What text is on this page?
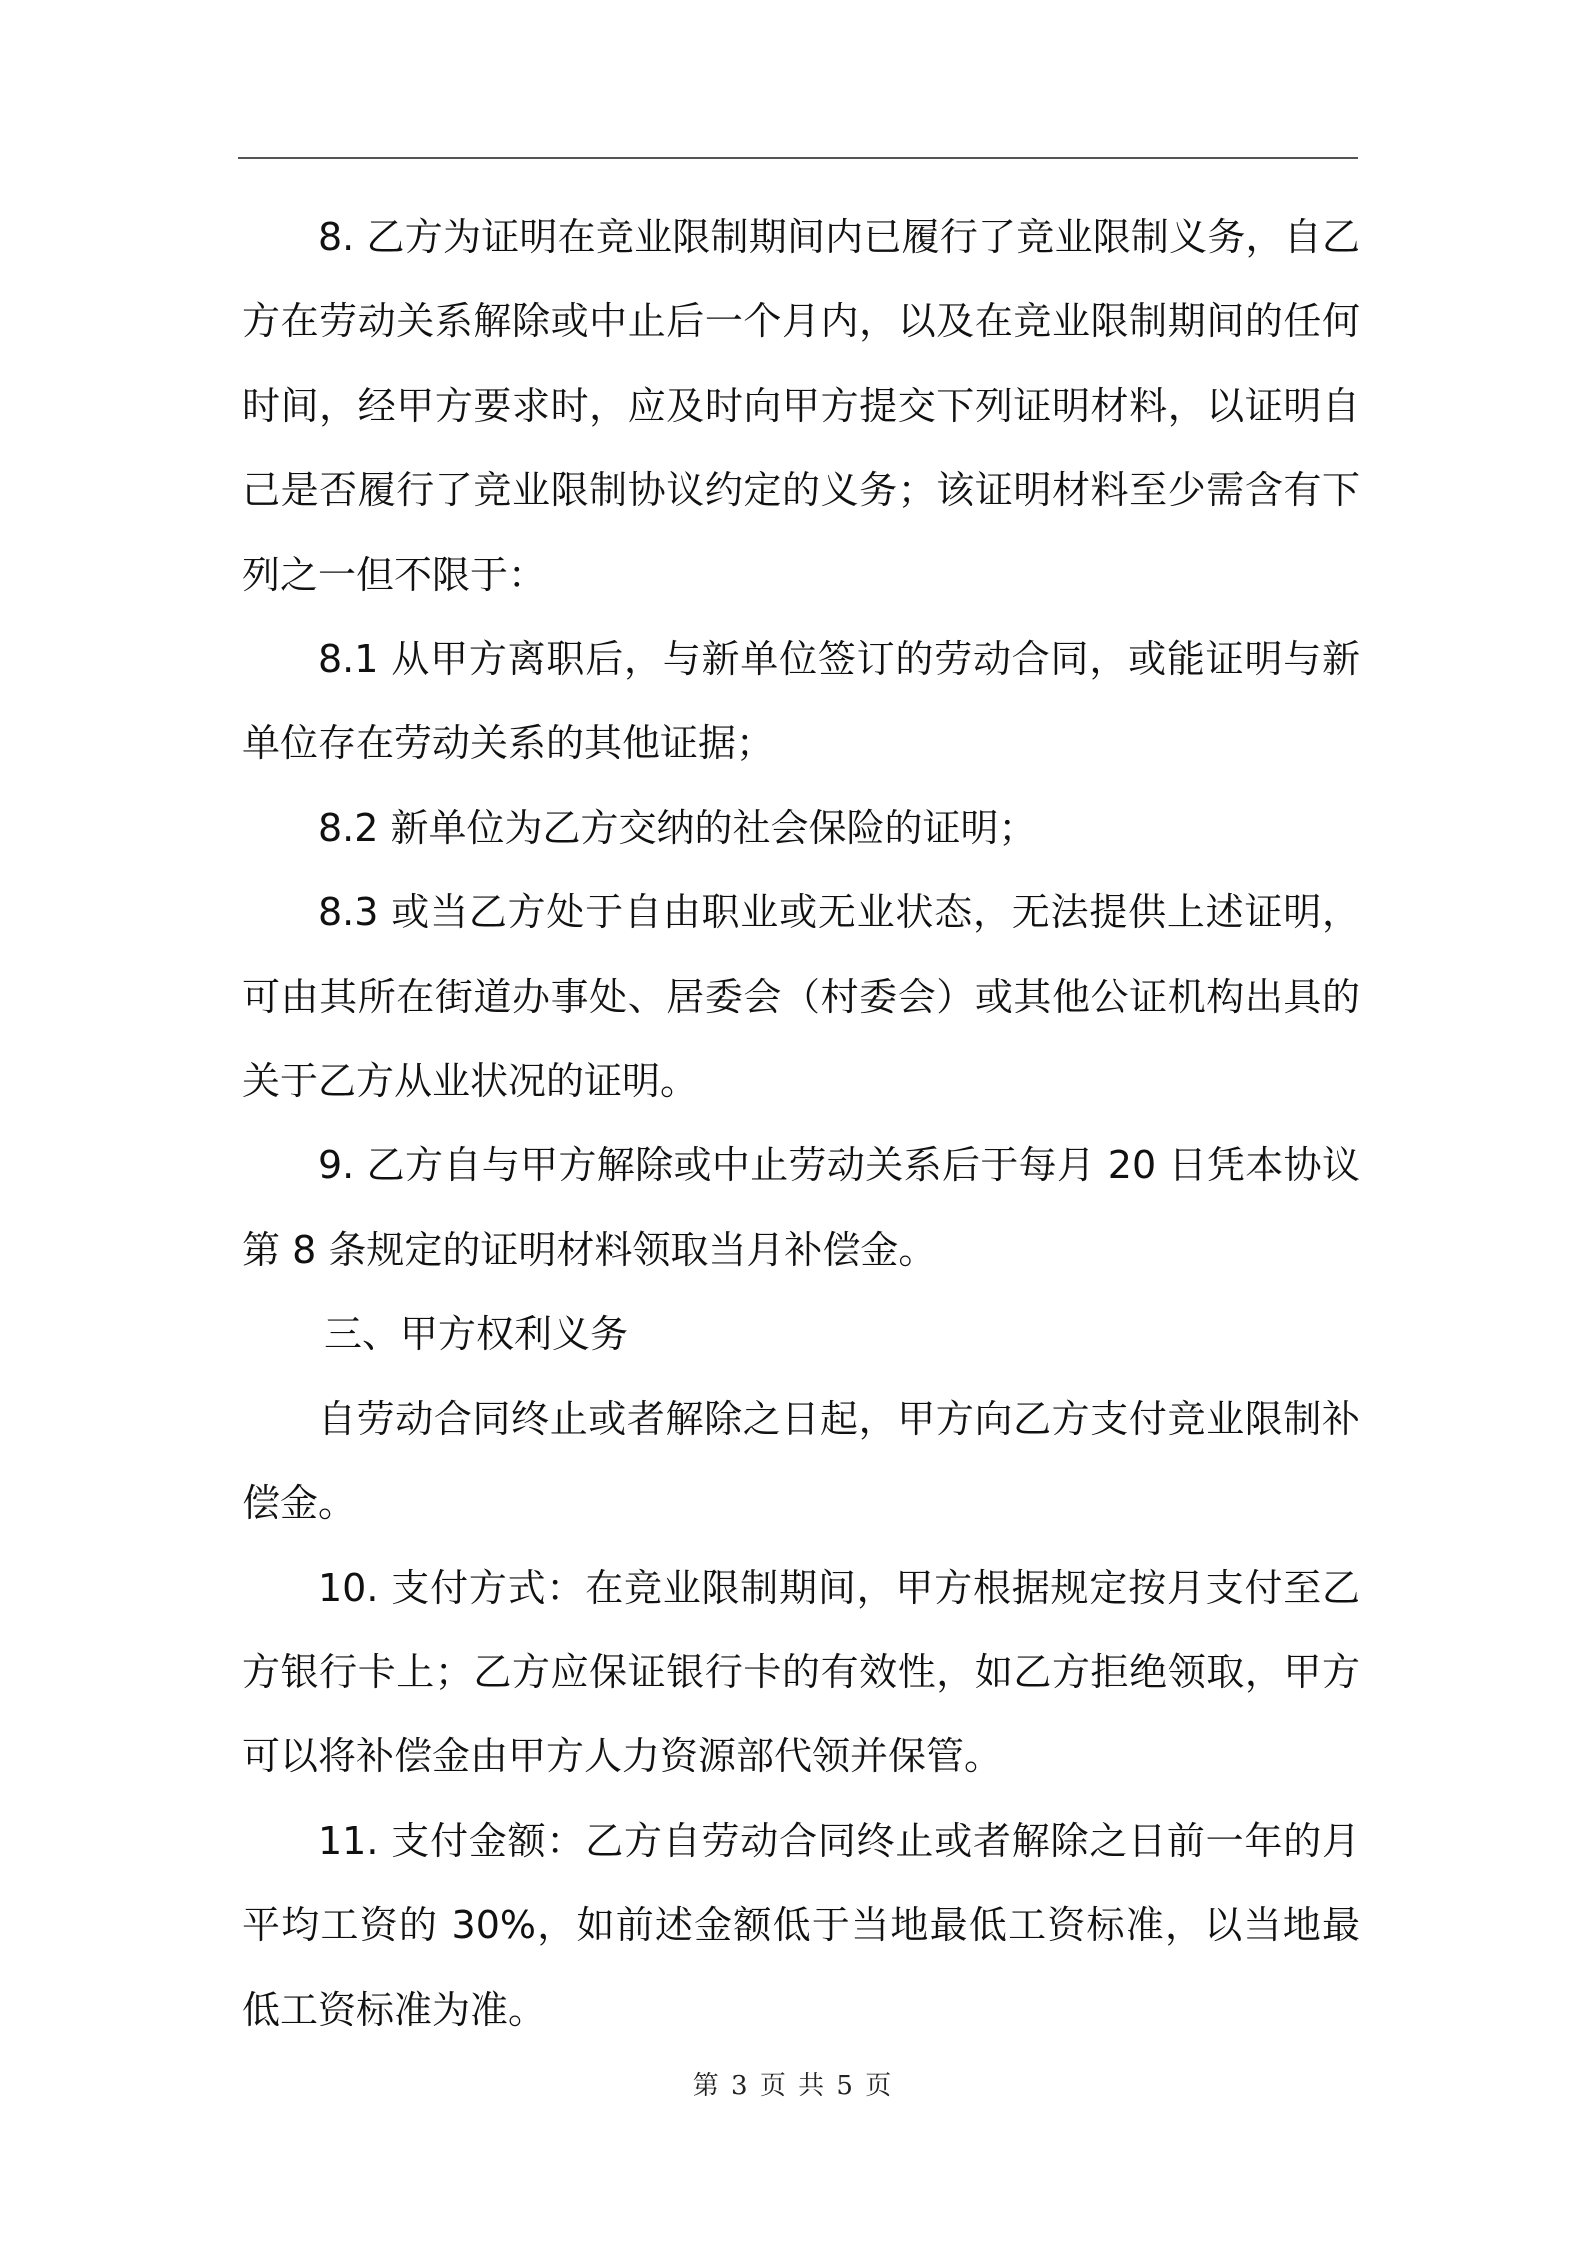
8. 乙方为证明在竞业限制期间内已履行了竞业限制义务，自乙方在劳动关系解除或中止后一个月内，以及在竞业限制期间的任何时间，经甲方要求时，应及时向甲方提交下列证明材料，以证明自己是否履行了竞业限制协议约定的义务；该证明材料至少需含有下列之一但不限于：

8.1 从甲方离职后，与新单位签订的劳动合同，或能证明与新单位存在劳动关系的其他证据；

8.2 新单位为乙方交纳的社会保险的证明；

8.3 或当乙方处于自由职业或无业状态，无法提供上述证明，可由其所在街道办事处、居委会（村委会）或其他公证机构出具的关于乙方从业状况的证明。

9. 乙方自与甲方解除或中止劳动关系后于每月 20 日凭本协议第 8 条规定的证明材料领取当月补偿金。

三、甲方权利义务

自劳动合同终止或者解除之日起，甲方向乙方支付竞业限制补偿金。

10. 支付方式：在竞业限制期间，甲方根据规定按月支付至乙方银行卡上；乙方应保证银行卡的有效性，如乙方拒绝领取，甲方可以将补偿金由甲方人力资源部代领并保管。

11. 支付金额：乙方自劳动合同终止或者解除之日前一年的月平均工资的 30%，如前述金额低于当地最低工资标准，以当地最低工资标准为准。

第 3 页 共 5 页
